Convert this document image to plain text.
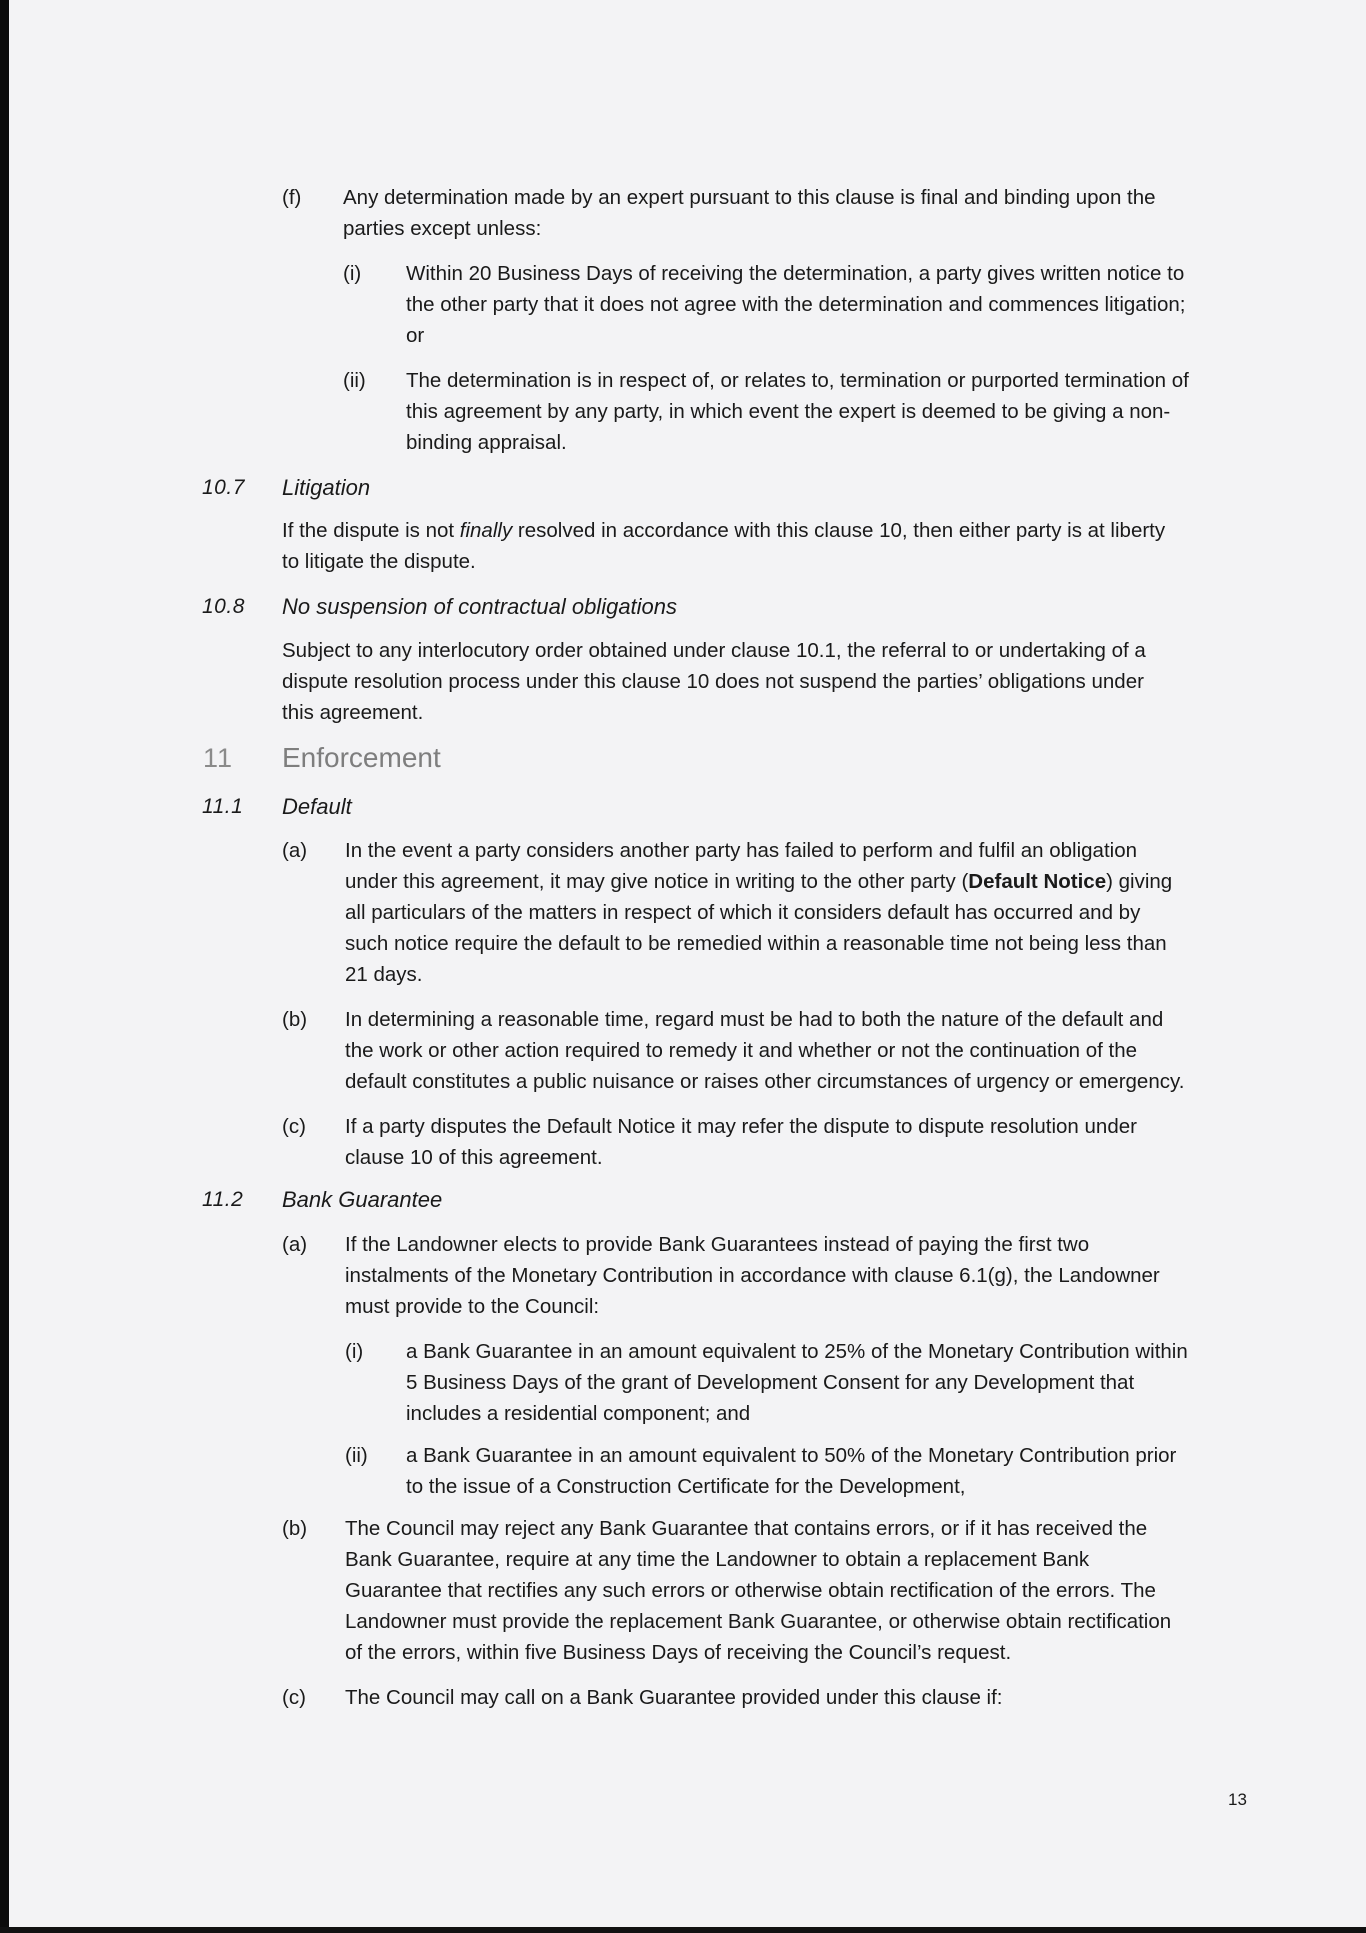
(f) Any determination made by an expert pursuant to this clause is final and binding upon the
parties except unless:
(i) Within 20 Business Days of receiving the determination, a party gives written notice to
the other party that it does not agree with the determination and commences litigation;
or
(ii) The determination is in respect of, or relates to, termination or purported termination of
this agreement by any party, in which event the expert is deemed to be giving a non-
binding appraisal.
10.7 Litigation
If the dispute is not finally resolved in accordance with this clause 10, then either party is at liberty
to litigate the dispute.
10.8 No suspension of contractual obligations
Subject to any interlocutory order obtained under clause 10.1, the referral to or undertaking of a
dispute resolution process under this clause 10 does not suspend the parties’ obligations under
this agreement.
11 Enforcement
11.1 Default
(a) In the event a party considers another party has failed to perform and fulfil an obligation
under this agreement, it may give notice in writing to the other party (Default Notice) giving
all particulars of the matters in respect of which it considers default has occurred and by
such notice require the default to be remedied within a reasonable time not being less than
21 days.
(b) In determining a reasonable time, regard must be had to both the nature of the default and
the work or other action required to remedy it and whether or not the continuation of the
default constitutes a public nuisance or raises other circumstances of urgency or emergency.
(c) If a party disputes the Default Notice it may refer the dispute to dispute resolution under
clause 10 of this agreement.
11.2 Bank Guarantee
(a) If the Landowner elects to provide Bank Guarantees instead of paying the first two
instalments of the Monetary Contribution in accordance with clause 6.1(g), the Landowner
must provide to the Council:
(i) a Bank Guarantee in an amount equivalent to 25% of the Monetary Contribution within
5 Business Days of the grant of Development Consent for any Development that
includes a residential component; and
(ii) a Bank Guarantee in an amount equivalent to 50% of the Monetary Contribution prior
to the issue of a Construction Certificate for the Development,
(b) The Council may reject any Bank Guarantee that contains errors, or if it has received the
Bank Guarantee, require at any time the Landowner to obtain a replacement Bank
Guarantee that rectifies any such errors or otherwise obtain rectification of the errors. The
Landowner must provide the replacement Bank Guarantee, or otherwise obtain rectification
of the errors, within five Business Days of receiving the Council’s request.
(c) The Council may call on a Bank Guarantee provided under this clause if:
13
